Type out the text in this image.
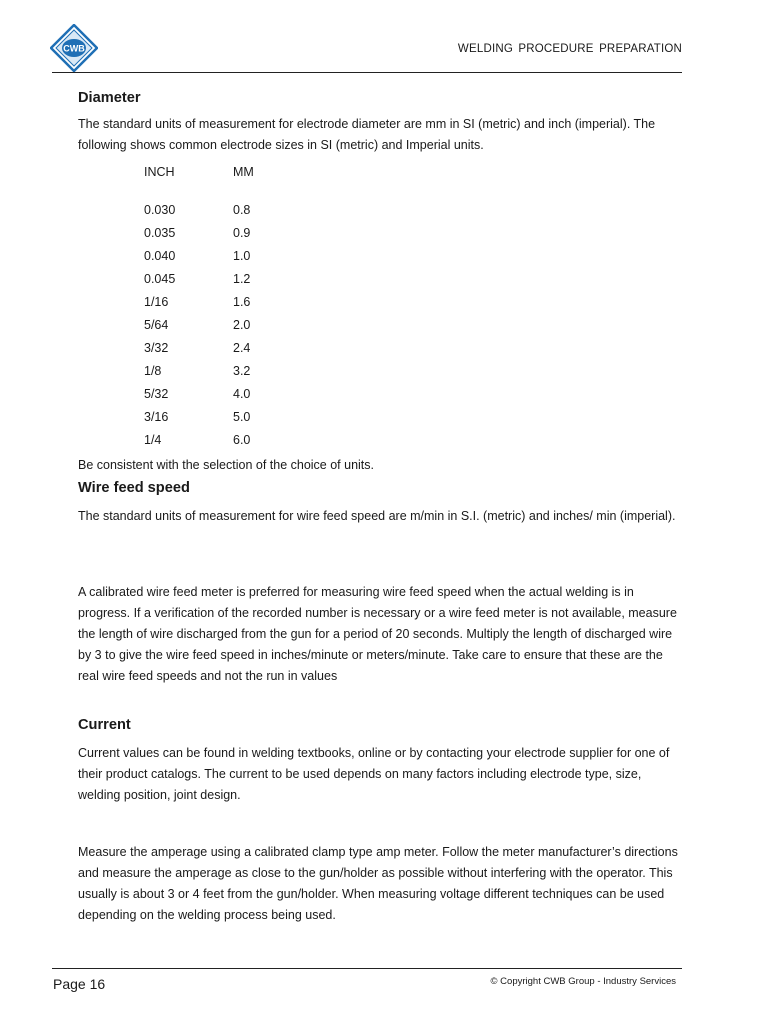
CWB	WELDING PROCEDURE PREPARATION
Diameter

The standard units of measurement for electrode diameter are mm in SI (metric) and inch (imperial). The following shows common electrode sizes in SI (metric) and Imperial units.

INCH	MM
0.030	0.8
0.035	0.9
0.040	1.0
0.045	1.2
1/16	1.6
5/64	2.0
3/32	2.4
1/8	3.2
5/32	4.0
3/16	5.0
1/4	6.0

Be consistent with the selection of the choice of units.

Wire feed speed

The standard units of measurement for wire feed speed are m/min in S.I. (metric) and inches/ min (imperial).

A calibrated wire feed meter is preferred for measuring wire feed speed when the actual welding is in progress. If a verification of the recorded number is necessary or a wire feed meter is not available, measure the length of wire discharged from the gun for a period of 20 seconds. Multiply the length of discharged wire by 3 to give the wire feed speed in inches/minute or meters/minute. Take care to ensure that these are the real wire feed speeds and not the run in values

Current

Current values can be found in welding textbooks, online or by contacting your electrode supplier for one of their product catalogs. The current to be used depends on many factors including electrode type, size, welding position, joint design.

Measure the amperage using a calibrated clamp type amp meter. Follow the meter manufacturer’s directions and measure the amperage as close to the gun/holder as possible without interfering with the operator. This usually is about 3 or 4 feet from the gun/holder. When measuring voltage different techniques can be used depending on the welding process being used.

Page 16	© Copyright CWB Group - Industry Services
